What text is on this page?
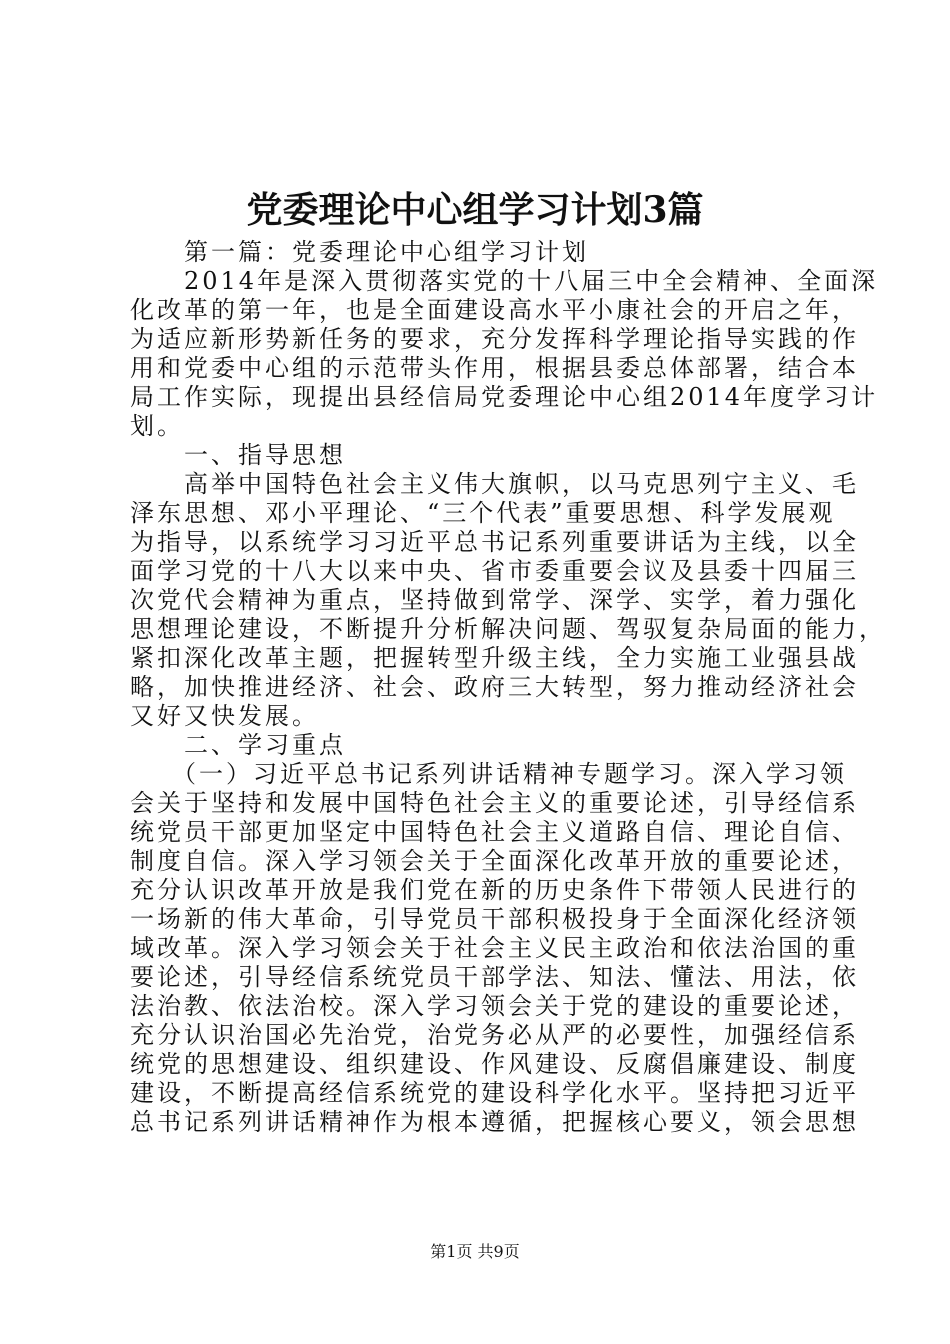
党委理论中心组学习计划3篇
　　第一篇：党委理论中心组学习计划
　　2014年是深入贯彻落实党的十八届三中全会精神、全面深
化改革的第一年，也是全面建设高水平小康社会的开启之年，
为适应新形势新任务的要求，充分发挥科学理论指导实践的作
用和党委中心组的示范带头作用，根据县委总体部署，结合本
局工作实际，现提出县经信局党委理论中心组2014年度学习计
划。
　　一、指导思想
　　高举中国特色社会主义伟大旗帜，以马克思列宁主义、毛
泽东思想、邓小平理论、“三个代表”重要思想、科学发展观
为指导，以系统学习习近平总书记系列重要讲话为主线，以全
面学习党的十八大以来中央、省市委重要会议及县委十四届三
次党代会精神为重点，坚持做到常学、深学、实学，着力强化
思想理论建设，不断提升分析解决问题、驾驭复杂局面的能力，
紧扣深化改革主题，把握转型升级主线，全力实施工业强县战
略，加快推进经济、社会、政府三大转型，努力推动经济社会
又好又快发展。
　　二、学习重点
　　（一）习近平总书记系列讲话精神专题学习。深入学习领
会关于坚持和发展中国特色社会主义的重要论述，引导经信系
统党员干部更加坚定中国特色社会主义道路自信、理论自信、
制度自信。深入学习领会关于全面深化改革开放的重要论述，
充分认识改革开放是我们党在新的历史条件下带领人民进行的
一场新的伟大革命，引导党员干部积极投身于全面深化经济领
域改革。深入学习领会关于社会主义民主政治和依法治国的重
要论述，引导经信系统党员干部学法、知法、懂法、用法，依
法治教、依法治校。深入学习领会关于党的建设的重要论述，
充分认识治国必先治党，治党务必从严的必要性，加强经信系
统党的思想建设、组织建设、作风建设、反腐倡廉建设、制度
建设，不断提高经信系统党的建设科学化水平。坚持把习近平
总书记系列讲话精神作为根本遵循，把握核心要义，领会思想
第1页 共9页
